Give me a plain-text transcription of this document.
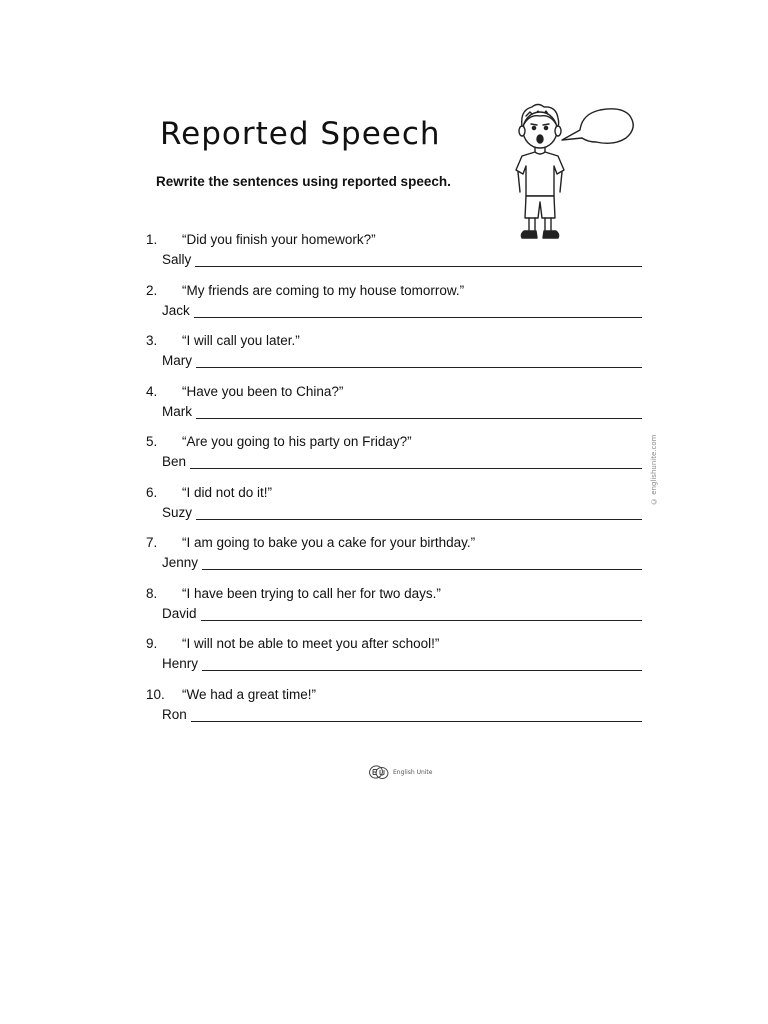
Reported Speech
Rewrite the sentences using reported speech.
1. “Did you finish your homework?”
Sally
2. “My friends are coming to my house tomorrow.”
Jack
3. “I will call you later.”
Mary
4. “Have you been to China?”
Mark
5. “Are you going to his party on Friday?”
Ben
6. “I did not do it!”
Suzy
7. “I am going to bake you a cake for your birthday.”
Jenny
8. “I have been trying to call her for two days.”
David
9. “I will not be able to meet you after school!”
Henry
10. “We had a great time!”
Ron
© englishunite.com
English Unite
